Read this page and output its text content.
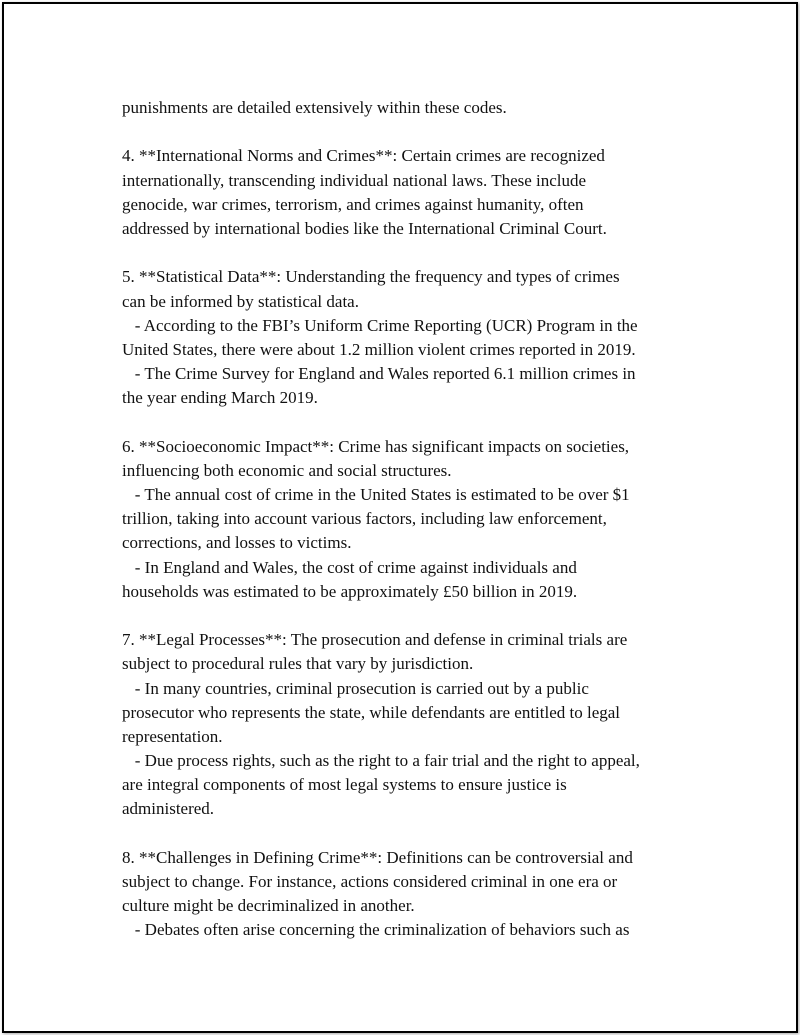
punishments are detailed extensively within these codes.

4. **International Norms and Crimes**: Certain crimes are recognized
internationally, transcending individual national laws. These include
genocide, war crimes, terrorism, and crimes against humanity, often
addressed by international bodies like the International Criminal Court.

5. **Statistical Data**: Understanding the frequency and types of crimes
can be informed by statistical data.
- According to the FBI’s Uniform Crime Reporting (UCR) Program in the
United States, there were about 1.2 million violent crimes reported in 2019.
- The Crime Survey for England and Wales reported 6.1 million crimes in
the year ending March 2019.

6. **Socioeconomic Impact**: Crime has significant impacts on societies,
influencing both economic and social structures.
- The annual cost of crime in the United States is estimated to be over $1
trillion, taking into account various factors, including law enforcement,
corrections, and losses to victims.
- In England and Wales, the cost of crime against individuals and
households was estimated to be approximately £50 billion in 2019.

7. **Legal Processes**: The prosecution and defense in criminal trials are
subject to procedural rules that vary by jurisdiction.
- In many countries, criminal prosecution is carried out by a public
prosecutor who represents the state, while defendants are entitled to legal
representation.
- Due process rights, such as the right to a fair trial and the right to appeal,
are integral components of most legal systems to ensure justice is
administered.

8. **Challenges in Defining Crime**: Definitions can be controversial and
subject to change. For instance, actions considered criminal in one era or
culture might be decriminalized in another.
- Debates often arise concerning the criminalization of behaviors such as
